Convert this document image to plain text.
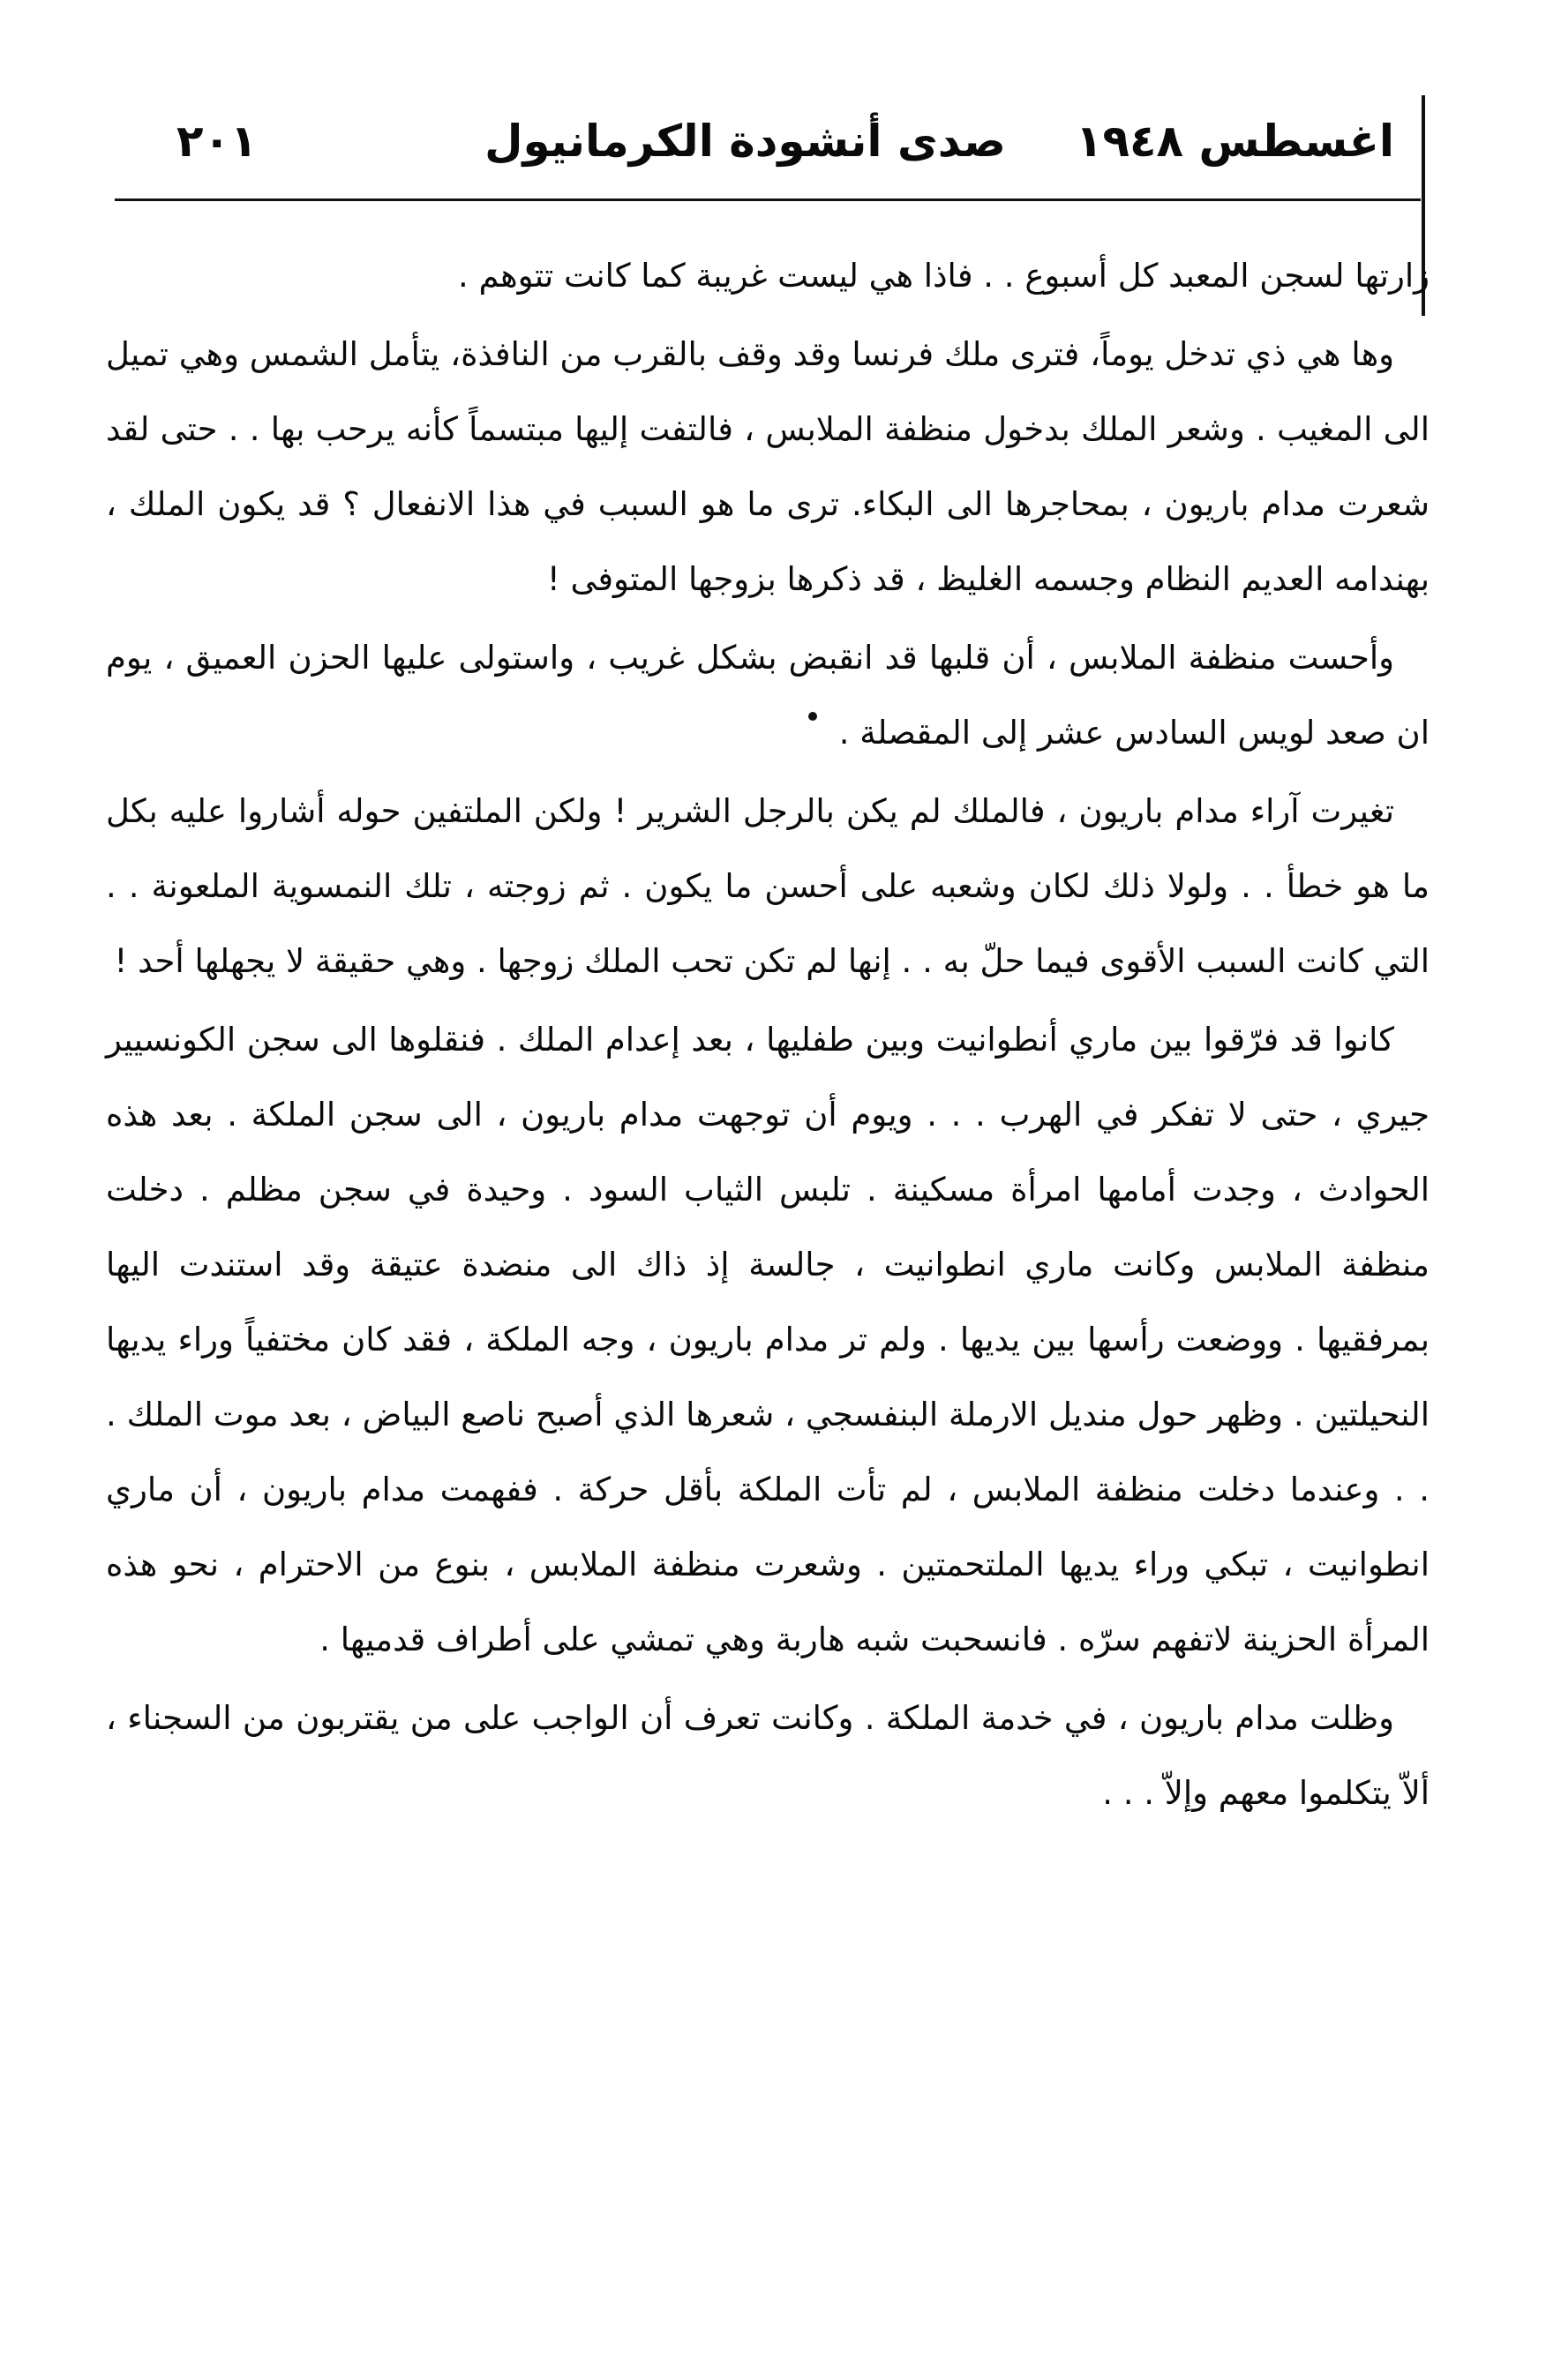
اغسطس ١٩٤٨
صدى أنشودة الكرمانيول
٢٠١

زارتها لسجن المعبد كل أسبوع . . فاذا هي ليست غريبة كما كانت تتوهم .

وها هي ذي تدخل يوماً، فترى ملك فرنسا وقد وقف بالقرب من النافذة، يتأمل الشمس وهي تميل الى المغيب . وشعر الملك بدخول منظفة الملابس ، فالتفت إليها مبتسماً كأنه يرحب بها . . حتى لقد شعرت مدام باريون ، بمحاجرها الى البكاء. ترى ما هو السبب في هذا الانفعال ؟ قد يكون الملك ، بهندامه العديم النظام وجسمه الغليظ ، قد ذكرها بزوجها المتوفى !

وأحست منظفة الملابس ، أن قلبها قد انقبض بشكل غريب ، واستولى عليها الحزن العميق ، يوم ان صعد لويس السادس عشر إلى المقصلة .

تغيرت آراء مدام باريون ، فالملك لم يكن بالرجل الشرير ! ولكن الملتفين حوله أشاروا عليه بكل ما هو خطأ . . ولولا ذلك لكان وشعبه على أحسن ما يكون . ثم زوجته ، تلك النمسوية الملعونة . . التي كانت السبب الأقوى فيما حلّ به . . إنها لم تكن تحب الملك زوجها . وهي حقيقة لا يجهلها أحد !

كانوا قد فرّقوا بين ماري أنطوانيت وبين طفليها ، بعد إعدام الملك . فنقلوها الى سجن الكونسيير جيري ، حتى لا تفكر في الهرب . . . ويوم أن توجهت مدام باريون ، الى سجن الملكة . بعد هذه الحوادث ، وجدت أمامها امرأة مسكينة . تلبس الثياب السود . وحيدة في سجن مظلم . دخلت منظفة الملابس وكانت ماري انطوانيت ، جالسة إذ ذاك الى منضدة عتيقة وقد استندت اليها بمرفقيها . ووضعت رأسها بين يديها . ولم تر مدام باريون ، وجه الملكة ، فقد كان مختفياً وراء يديها النحيلتين . وظهر حول منديل الارملة البنفسجي ، شعرها الذي أصبح ناصع البياض ، بعد موت الملك . . . وعندما دخلت منظفة الملابس ، لم تأت الملكة بأقل حركة . ففهمت مدام باريون ، أن ماري انطوانيت ، تبكي وراء يديها الملتحمتين . وشعرت منظفة الملابس ، بنوع من الاحترام ، نحو هذه المرأة الحزينة لاتفهم سرّه . فانسحبت شبه هاربة وهي تمشي على أطراف قدميها .

وظلت مدام باريون ، في خدمة الملكة . وكانت تعرف أن الواجب على من يقتربون من السجناء ، ألاّ يتكلموا معهم وإلاّ . . .
